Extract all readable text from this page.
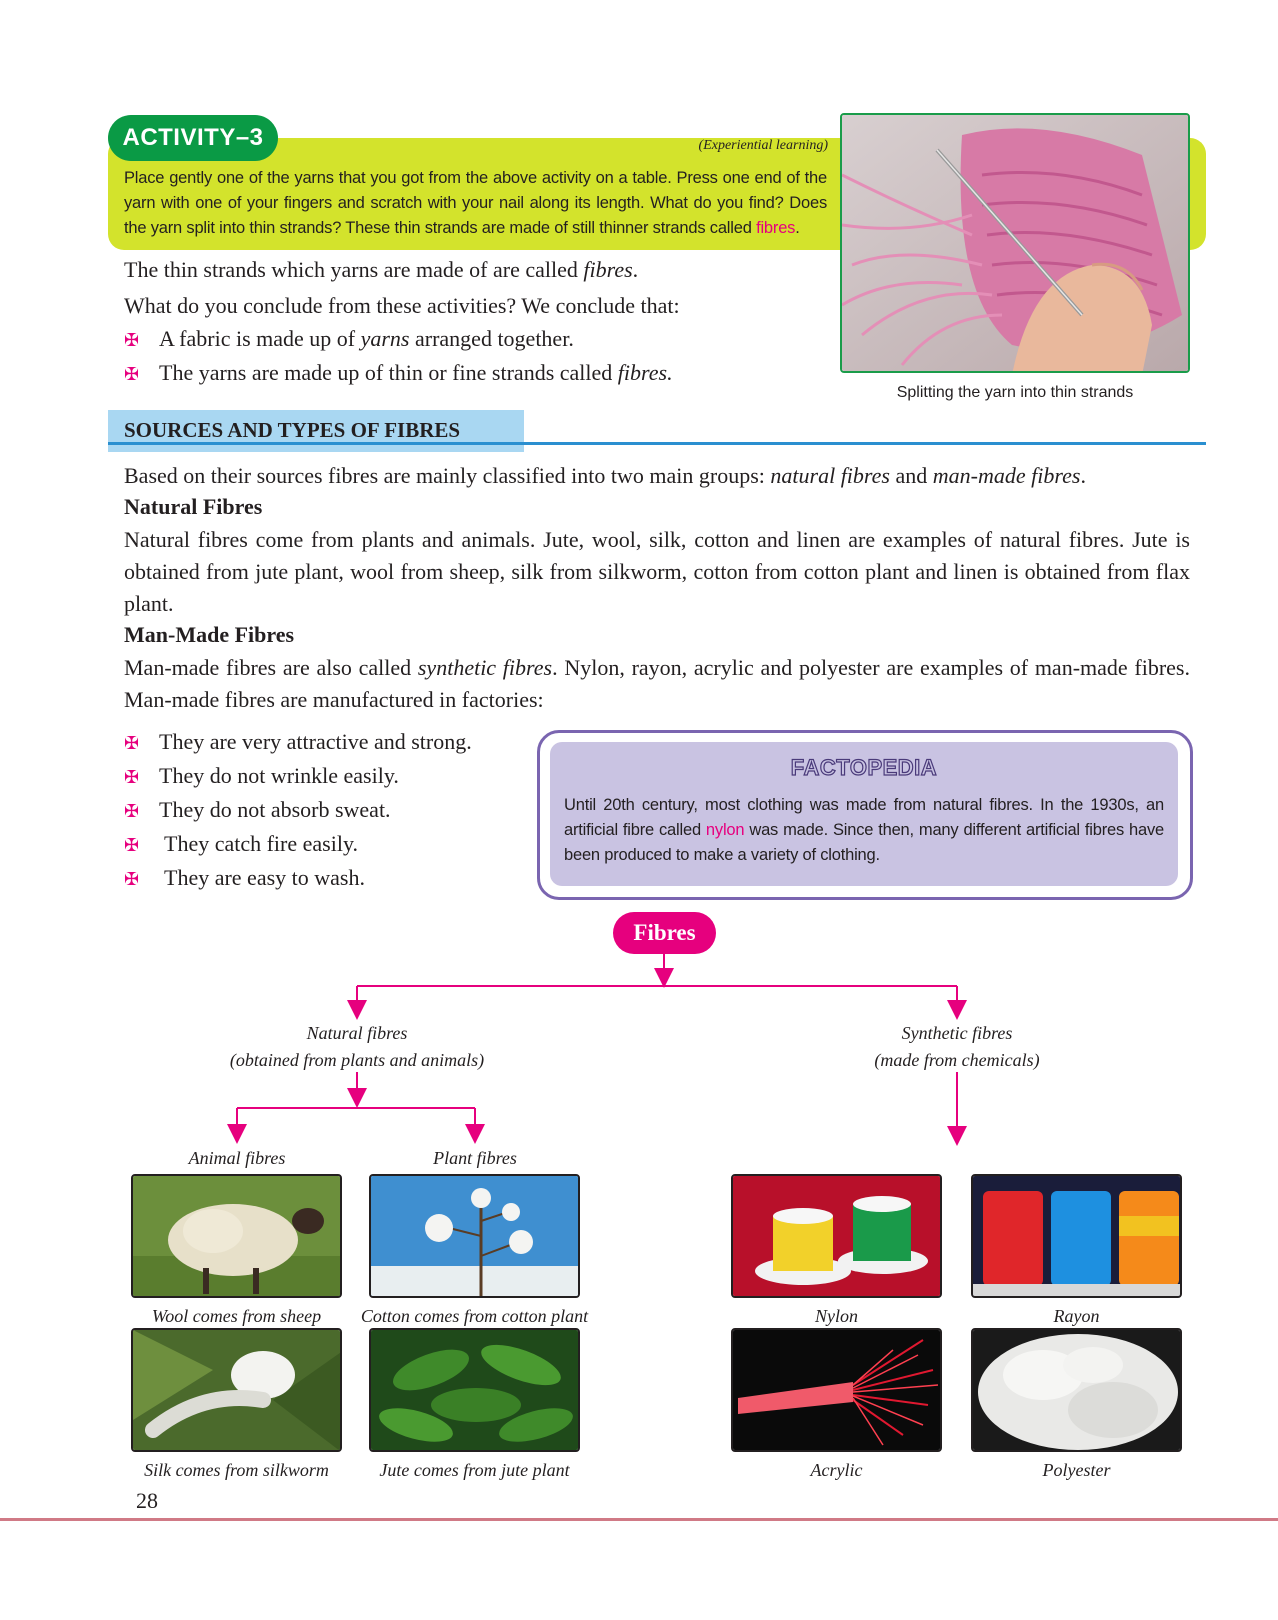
ACTIVITY–3	(Experiential learning)
Place gently one of the yarns that you got from the above activity on a table. Press one end of the yarn with one of your fingers and scratch with your nail along its length. What do you find? Does the yarn split into thin strands? These thin strands are made of still thinner strands called fibres.
Splitting the yarn into thin strands
The thin strands which yarns are made of are called fibres.
What do you conclude from these activities? We conclude that:
✠ A fabric is made up of yarns arranged together.
✠ The yarns are made up of thin or fine strands called fibres.
SOURCES AND TYPES OF FIBRES
Based on their sources fibres are mainly classified into two main groups: natural fibres and man-made fibres.
Natural Fibres
Natural fibres come from plants and animals. Jute, wool, silk, cotton and linen are examples of natural fibres. Jute is obtained from jute plant, wool from sheep, silk from silkworm, cotton from cotton plant and linen is obtained from flax plant.
Man-Made Fibres
Man-made fibres are also called synthetic fibres. Nylon, rayon, acrylic and polyester are examples of man-made fibres. Man-made fibres are manufactured in factories:
✠ They are very attractive and strong.
✠ They do not wrinkle easily.
✠ They do not absorb sweat.
✠	They catch fire easily.
✠	They are easy to wash.
FACTOPEDIA
Until 20th century, most clothing was made from natural fibres. In the 1930s, an artificial fibre called nylon was made. Since then, many different artificial fibres have been produced to make a variety of clothing.
Fibres
Natural fibres
(obtained from plants and animals)
Synthetic fibres
(made from chemicals)
Animal fibres	Plant fibres
Wool comes from sheep	Cotton comes from cotton plant
Silk comes from silkworm	Jute comes from jute plant
Nylon	Rayon
Acrylic	Polyester
28
